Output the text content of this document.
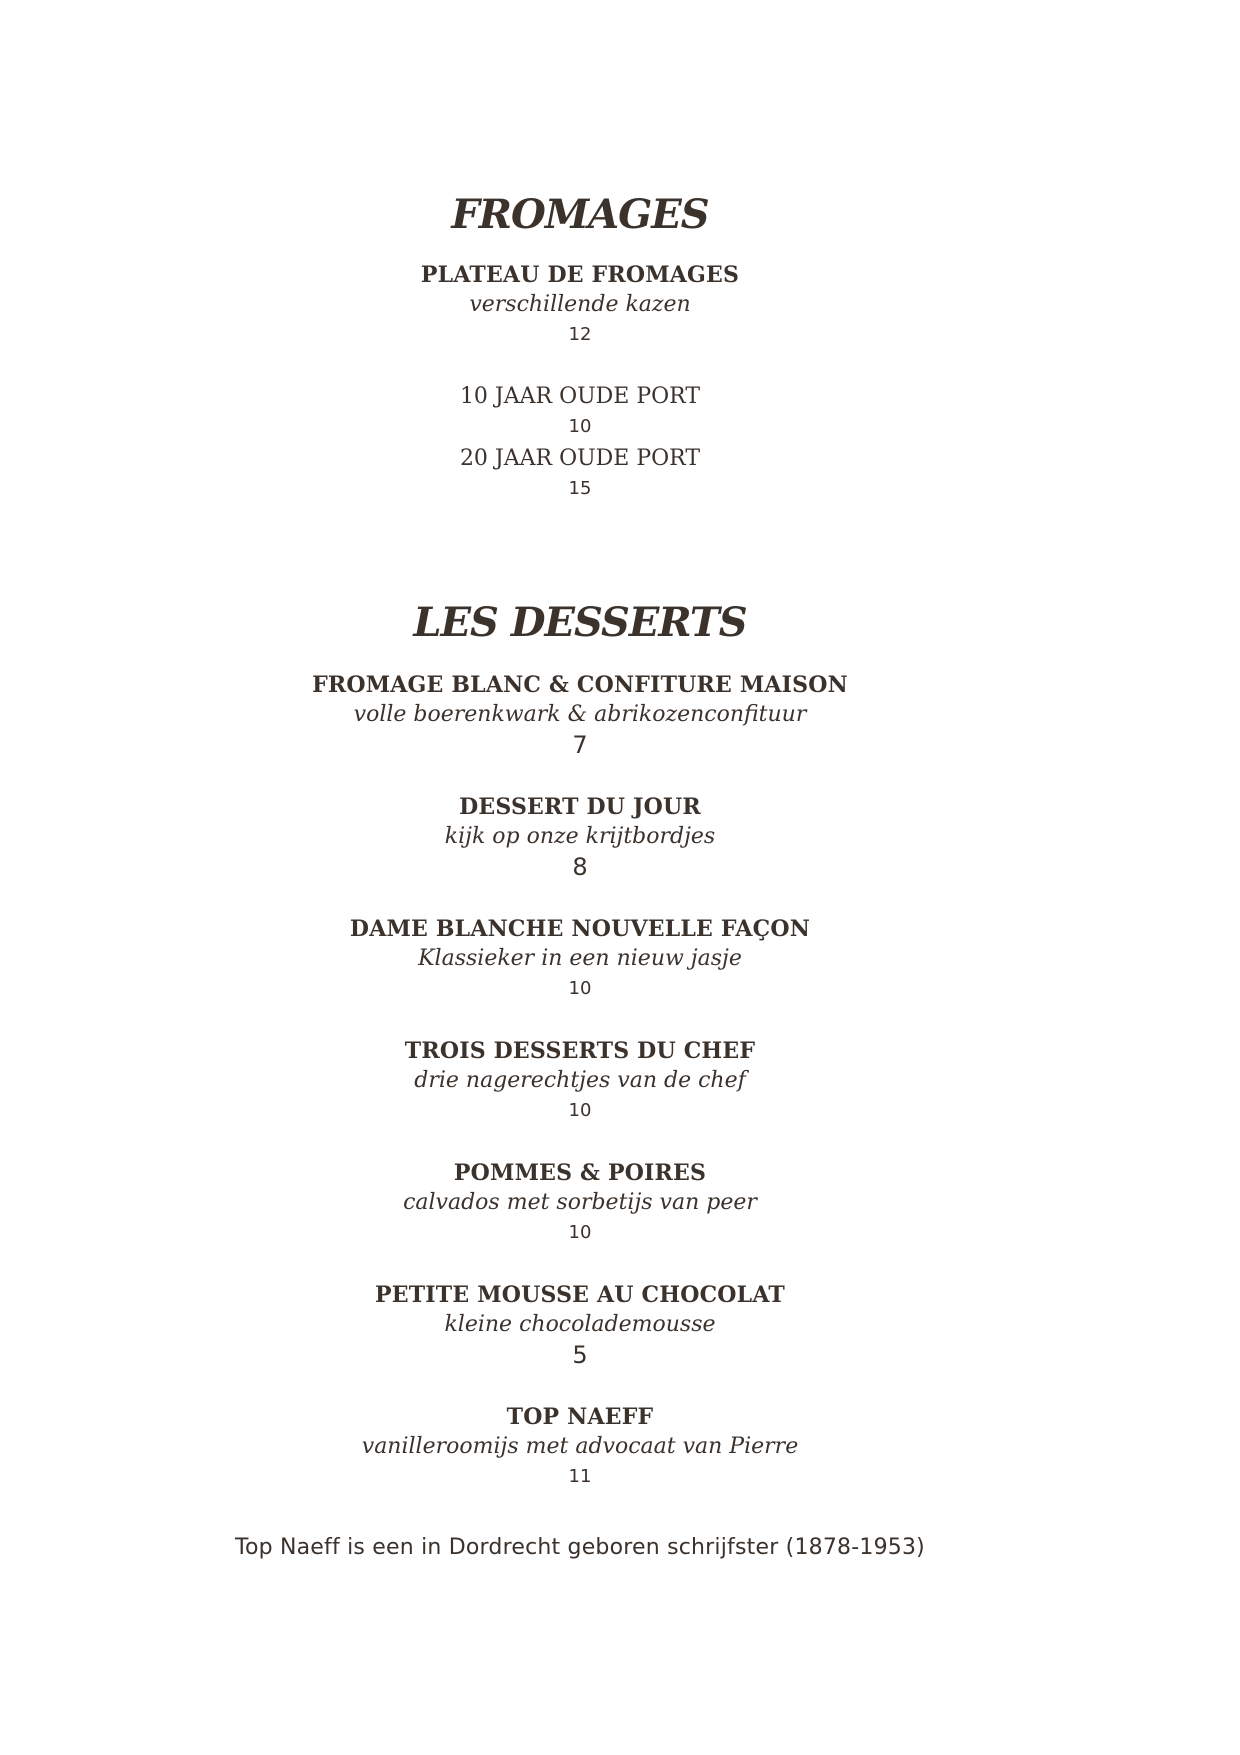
FROMAGES
PLATEAU DE FROMAGES
verschillende kazen
12
10 JAAR OUDE PORT
10
20 JAAR OUDE PORT
15
LES DESSERTS
FROMAGE BLANC & CONFITURE MAISON
volle boerenkwark & abrikozenconfituur
7
DESSERT DU JOUR
kijk op onze krijtbordjes
8
DAME BLANCHE NOUVELLE FAÇON
Klassieker in een nieuw jasje
10
TROIS DESSERTS DU CHEF
drie nagerechtjes van de chef
10
POMMES & POIRES
calvados met sorbetijs van peer
10
PETITE MOUSSE AU CHOCOLAT
kleine chocolademousse
5
TOP NAEFF
vanilleroomijs met advocaat van Pierre
11
Top Naeff is een in Dordrecht geboren schrijfster (1878-1953)
